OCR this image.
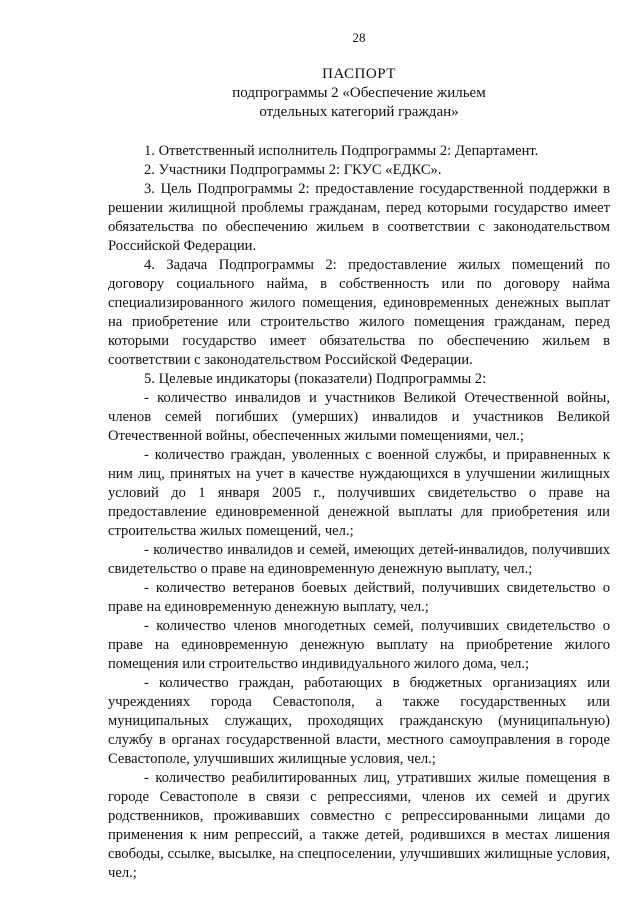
28
ПАСПОРТ
подпрограммы 2 «Обеспечение жильем
отдельных категорий граждан»

1. Ответственный исполнитель Подпрограммы 2: Департамент.

2. Участники Подпрограммы 2: ГКУС «ЕДКС».

3. Цель Подпрограммы 2: предоставление государственной поддержки в решении жилищной проблемы гражданам, перед которыми государство имеет обязательства по обеспечению жильем в соответствии с законодательством Российской Федерации.

4. Задача Подпрограммы 2: предоставление жилых помещений по договору социального найма, в собственность или по договору найма специализированного жилого помещения, единовременных денежных выплат на приобретение или строительство жилого помещения гражданам, перед которыми государство имеет обязательства по обеспечению жильем в соответствии с законодательством Российской Федерации.

5. Целевые индикаторы (показатели) Подпрограммы 2:

- количество инвалидов и участников Великой Отечественной войны, членов семей погибших (умерших) инвалидов и участников Великой Отечественной войны, обеспеченных жилыми помещениями, чел.;

- количество граждан, уволенных с военной службы, и приравненных к ним лиц, принятых на учет в качестве нуждающихся в улучшении жилищных условий до 1 января 2005 г., получивших свидетельство о праве на предоставление единовременной денежной выплаты для приобретения или строительства жилых помещений, чел.;

- количество инвалидов и семей, имеющих детей-инвалидов, получивших свидетельство о праве на единовременную денежную выплату, чел.;

- количество ветеранов боевых действий, получивших свидетельство о праве на единовременную денежную выплату, чел.;

- количество членов многодетных семей, получивших свидетельство о праве на единовременную денежную выплату на приобретение жилого помещения или строительство индивидуального жилого дома, чел.;

- количество граждан, работающих в бюджетных организациях или учреждениях города Севастополя, а также государственных или муниципальных служащих, проходящих гражданскую (муниципальную) службу в органах государственной власти, местного самоуправления в городе Севастополе, улучшивших жилищные условия, чел.;

- количество реабилитированных лиц, утративших жилые помещения в городе Севастополе в связи с репрессиями, членов их семей и других родственников, проживавших совместно с репрессированными лицами до применения к ним репрессий, а также детей, родившихся в местах лишения свободы, ссылке, высылке, на спецпоселении, улучшивших жилищные условия, чел.;
